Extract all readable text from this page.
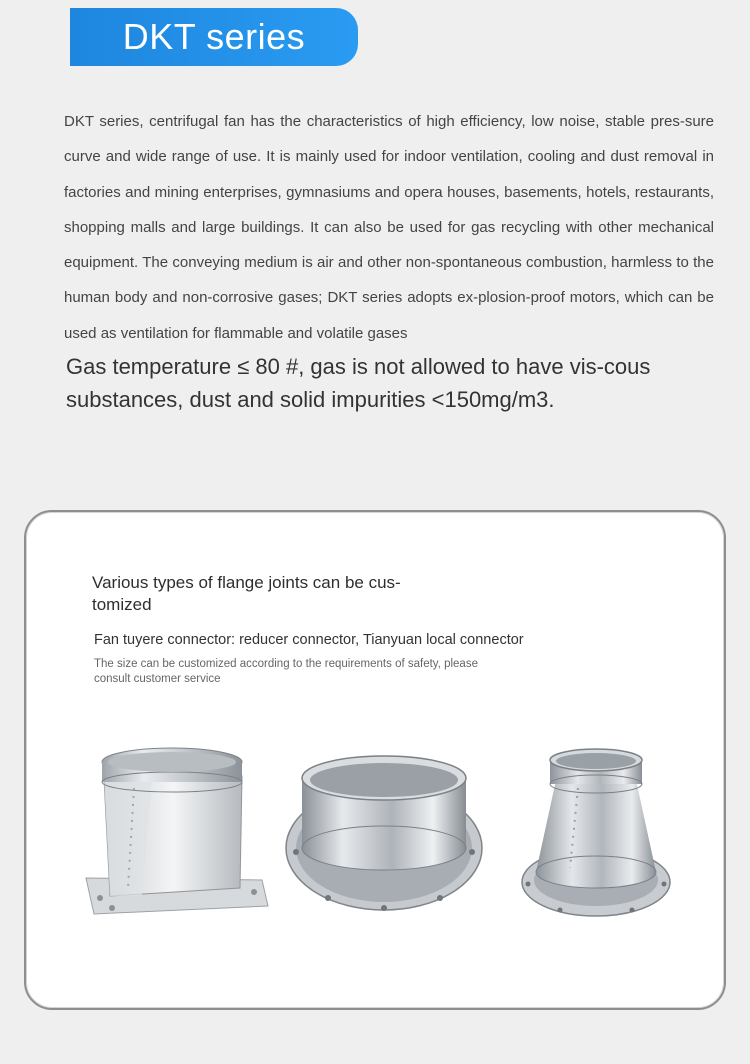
DKT series

DKT series, centrifugal fan has the characteristics of high efficiency, low noise, stable pres-sure curve and wide range of use. It is mainly used for indoor ventilation, cooling and dust removal in factories and mining enterprises, gymnasiums and opera houses, basements, hotels, restaurants, shopping malls and large buildings. It can also be used for gas recycling with other mechanical equipment. The conveying medium is air and other non-spontaneous combustion, harmless to the human body and non-corrosive gases; DKT series adopts ex-plosion-proof motors, which can be used as ventilation for flammable and volatile gases

Gas temperature ≤ 80 #, gas is not allowed to have vis-cous substances, dust and solid impurities <150mg/m3.

Various types of flange joints can be cus-tomized
Fan tuyere connector: reducer connector, Tianyuan local connector
The size can be customized according to the requirements of safety, please consult customer service
